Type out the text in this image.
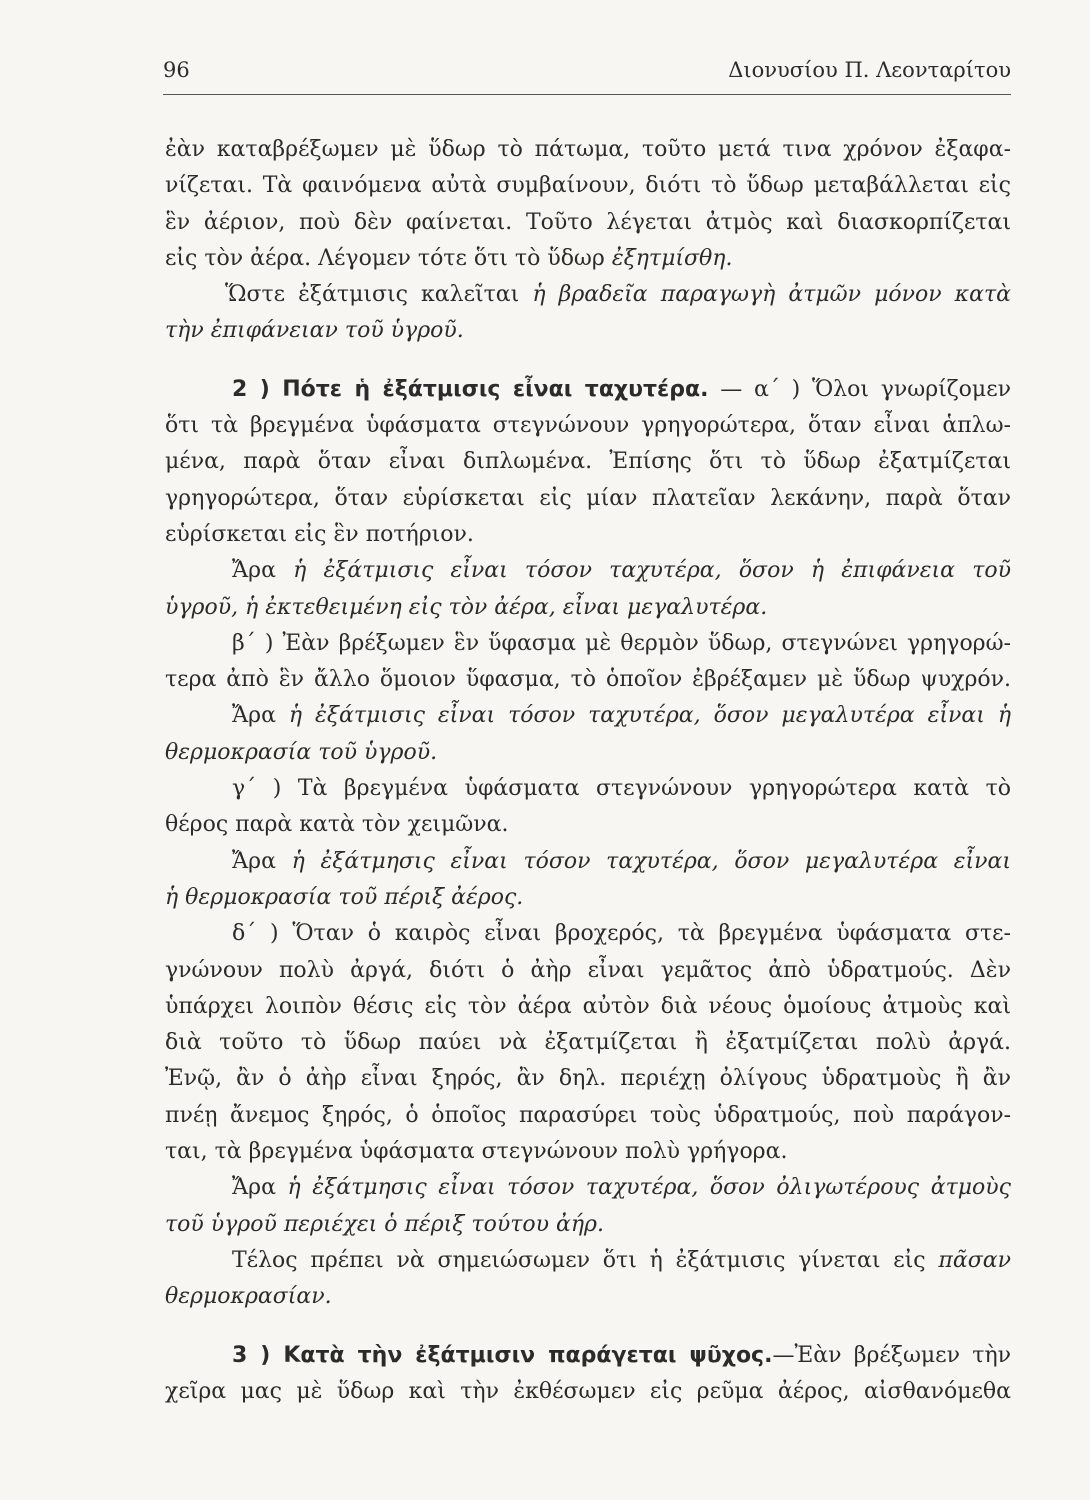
96	Διονυσίου Π. Λεονταρίτου
ἐὰν καταβρέξωμεν μὲ ὕδωρ τὸ πάτωμα, τοῦτο μετά τινα χρόνον ἐξαφα-
νίζεται. Τὰ φαινόμενα αὐτὰ συμβαίνουν, διότι τὸ ὕδωρ μεταβάλλεται εἰς
ἓν ἀέριον, ποὺ δὲν φαίνεται. Τοῦτο λέγεται ἀτμὸς καὶ διασκορπίζεται
εἰς τὸν ἀέρα. Λέγομεν τότε ὅτι τὸ ὕδωρ ἐξητμίσθη.
Ὥστε ἐξάτμισις καλεῖται ἡ βραδεῖα παραγωγὴ ἀτμῶν μόνον κατὰ
τὴν ἐπιφάνειαν τοῦ ὑγροῦ.
2 ) Πότε ἡ ἐξάτμισις εἶναι ταχυτέρα. — α΄ ) Ὅλοι γνωρίζομεν
ὅτι τὰ βρεγμένα ὑφάσματα στεγνώνουν γρηγορώτερα, ὅταν εἶναι ἁπλω-
μένα, παρὰ ὅταν εἶναι διπλωμένα. Ἐπίσης ὅτι τὸ ὕδωρ ἐξατμίζεται
γρηγορώτερα, ὅταν εὑρίσκεται εἰς μίαν πλατεῖαν λεκάνην, παρὰ ὅταν
εὑρίσκεται εἰς ἓν ποτήριον.
Ἄρα ἡ ἐξάτμισις εἶναι τόσον ταχυτέρα, ὅσον ἡ ἐπιφάνεια τοῦ
ὑγροῦ, ἡ ἐκτεθειμένη εἰς τὸν ἀέρα, εἶναι μεγαλυτέρα.
β΄ ) Ἐὰν βρέξωμεν ἓν ὕφασμα μὲ θερμὸν ὕδωρ, στεγνώνει γρηγορώ-
τερα ἀπὸ ἓν ἄλλο ὅμοιον ὕφασμα, τὸ ὁποῖον ἐβρέξαμεν μὲ ὕδωρ ψυχρόν.
Ἄρα ἡ ἐξάτμισις εἶναι τόσον ταχυτέρα, ὅσον μεγαλυτέρα εἶναι ἡ
θερμοκρασία τοῦ ὑγροῦ.
γ΄ ) Τὰ βρεγμένα ὑφάσματα στεγνώνουν γρηγορώτερα κατὰ τὸ
θέρος παρὰ κατὰ τὸν χειμῶνα.
Ἄρα ἡ ἐξάτμησις εἶναι τόσον ταχυτέρα, ὅσον μεγαλυτέρα εἶναι
ἡ θερμοκρασία τοῦ πέριξ ἀέρος.
δ΄ ) Ὅταν ὁ καιρὸς εἶναι βροχερός, τὰ βρεγμένα ὑφάσματα στε-
γνώνουν πολὺ ἀργά, διότι ὁ ἀὴρ εἶναι γεμᾶτος ἀπὸ ὑδρατμούς. Δὲν
ὑπάρχει λοιπὸν θέσις εἰς τὸν ἀέρα αὐτὸν διὰ νέους ὁμοίους ἀτμοὺς καὶ
διὰ τοῦτο τὸ ὕδωρ παύει νὰ ἐξατμίζεται ἢ ἐξατμίζεται πολὺ ἀργά.
Ἐνῷ, ἂν ὁ ἀὴρ εἶναι ξηρός, ἂν δηλ. περιέχῃ ὀλίγους ὑδρατμοὺς ἢ ἂν
πνέῃ ἄνεμος ξηρός, ὁ ὁποῖος παρασύρει τοὺς ὑδρατμούς, ποὺ παράγον-
ται, τὰ βρεγμένα ὑφάσματα στεγνώνουν πολὺ γρήγορα.
Ἄρα ἡ ἐξάτμησις εἶναι τόσον ταχυτέρα, ὅσον ὀλιγωτέρους ἀτμοὺς
τοῦ ὑγροῦ περιέχει ὁ πέριξ τούτου ἀήρ.
Τέλος πρέπει νὰ σημειώσωμεν ὅτι ἡ ἐξάτμισις γίνεται εἰς πᾶσαν
θερμοκρασίαν.
3 ) Κατὰ τὴν ἐξάτμισιν παράγεται ψῦχος.—Ἐὰν βρέξωμεν τὴν
χεῖρα μας μὲ ὕδωρ καὶ τὴν ἐκθέσωμεν εἰς ρεῦμα ἀέρος, αἰσθανόμεθα
